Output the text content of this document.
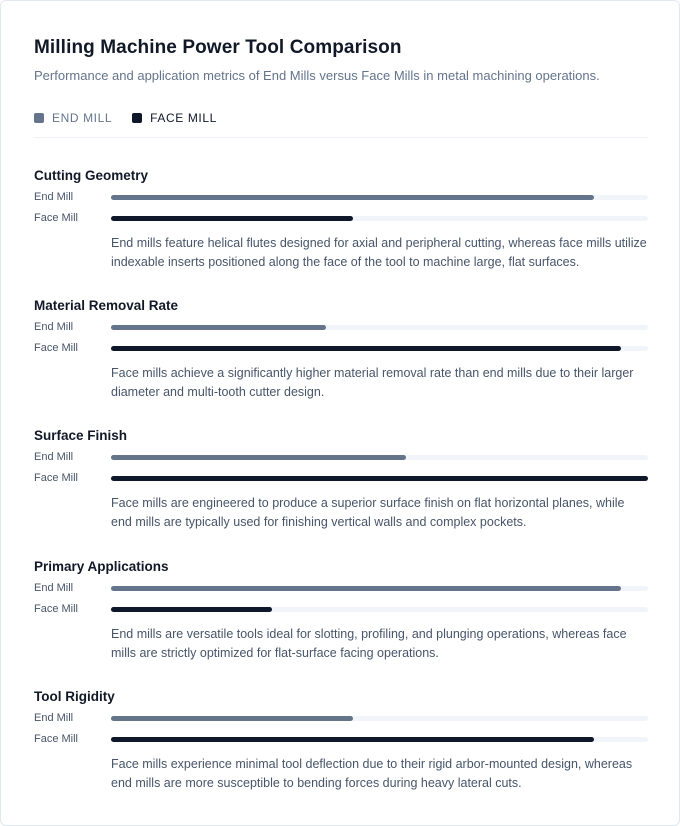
Milling Machine Power Tool Comparison
Performance and application metrics of End Mills versus Face Mills in metal machining operations.
END MILL	FACE MILL
Cutting Geometry
End Mill
Face Mill
End mills feature helical flutes designed for axial and peripheral cutting, whereas face mills utilize indexable inserts positioned along the face of the tool to machine large, flat surfaces.
Material Removal Rate
End Mill
Face Mill
Face mills achieve a significantly higher material removal rate than end mills due to their larger diameter and multi-tooth cutter design.
Surface Finish
End Mill
Face Mill
Face mills are engineered to produce a superior surface finish on flat horizontal planes, while end mills are typically used for finishing vertical walls and complex pockets.
Primary Applications
End Mill
Face Mill
End mills are versatile tools ideal for slotting, profiling, and plunging operations, whereas face mills are strictly optimized for flat-surface facing operations.
Tool Rigidity
End Mill
Face Mill
Face mills experience minimal tool deflection due to their rigid arbor-mounted design, whereas end mills are more susceptible to bending forces during heavy lateral cuts.
